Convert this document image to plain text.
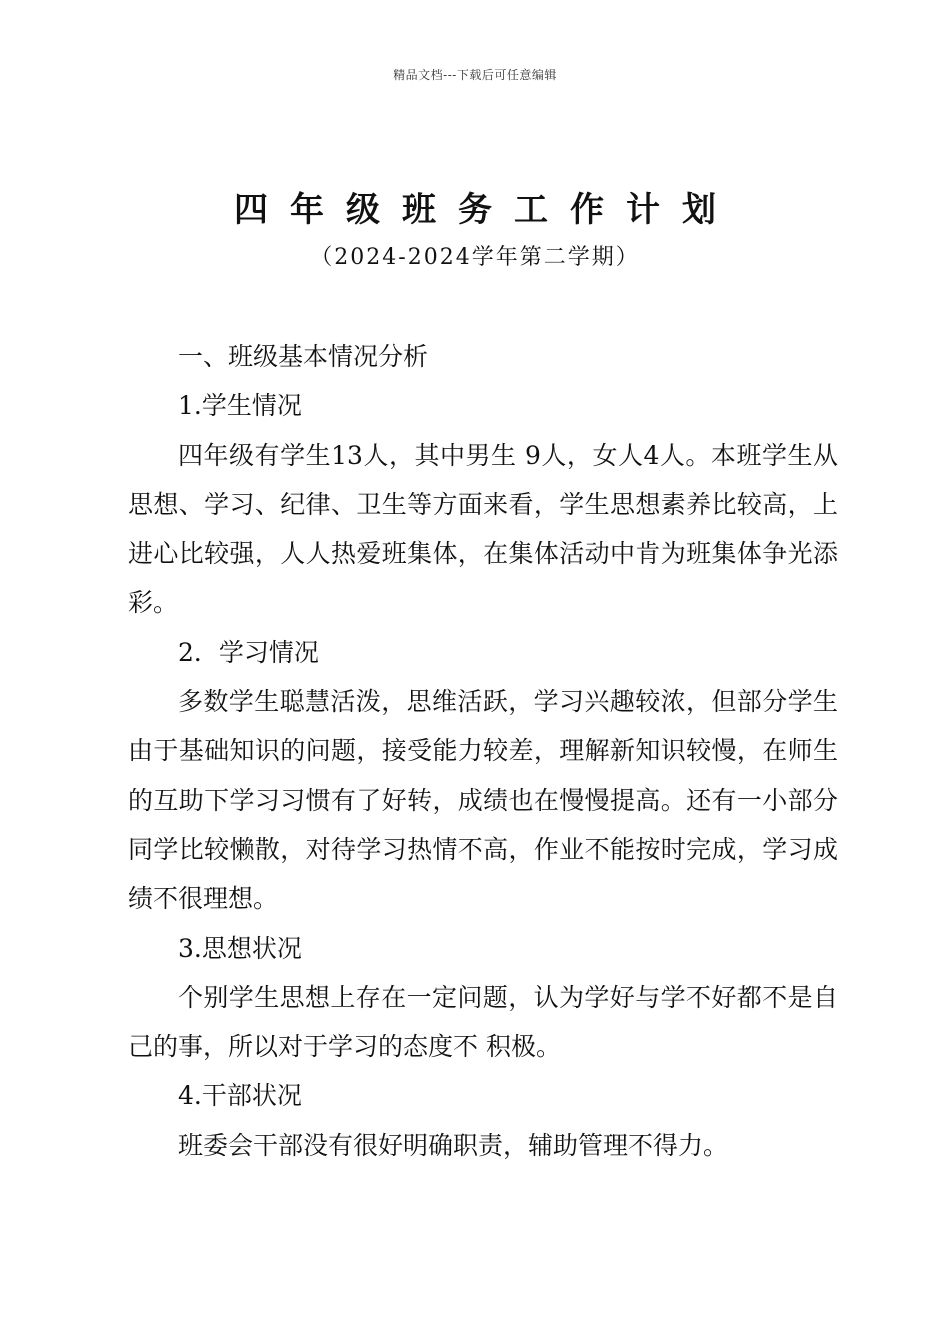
精品文档---下载后可任意编辑
四年级班务工作计划
（2024-2024学年第二学期）

一、班级基本情况分析

1.学生情况

四年级有学生13人，其中男生 9人，女人4人。本班学生从思想、学习、纪律、卫生等方面来看，学生思想素养比较高，上进心比较强，人人热爱班集体，在集体活动中肯为班集体争光添彩。

2．学习情况

多数学生聪慧活泼，思维活跃，学习兴趣较浓，但部分学生由于基础知识的问题，接受能力较差，理解新知识较慢，在师生的互助下学习习惯有了好转，成绩也在慢慢提高。还有一小部分同学比较懒散，对待学习热情不高，作业不能按时完成，学习成绩不很理想。

3.思想状况

个别学生思想上存在一定问题，认为学好与学不好都不是自己的事，所以对于学习的态度不 积极。

4.干部状况

班委会干部没有很好明确职责，辅助管理不得力。
